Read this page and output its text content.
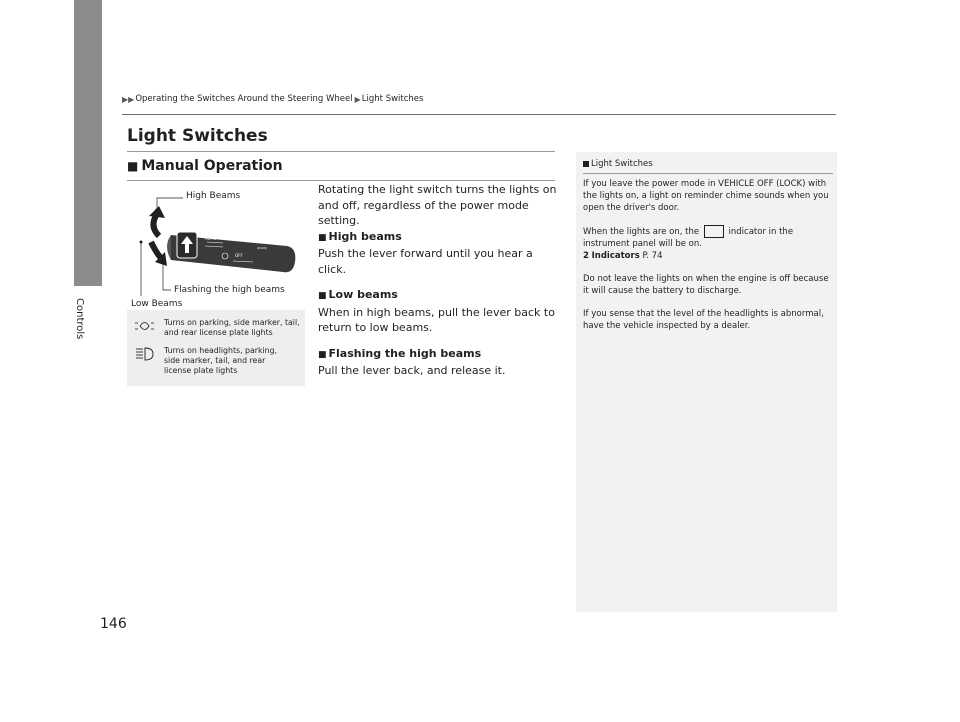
Controls
146
▶▶ Operating the Switches Around the Steering Wheel ▶ Light Switches
Light Switches
■ Manual Operation
AUTO
⇦⇨
OFF
High Beams
Flashing the high beams
Low Beams
Turns on parking, side marker, tail, and rear license plate lights
Turns on headlights, parking, side marker, tail, and rear license plate lights

Rotating the light switch turns the lights on and off, regardless of the power mode setting.

■ High beams

Push the lever forward until you hear a click.

■ Low beams

When in high beams, pull the lever back to return to low beams.

■ Flashing the high beams

Pull the lever back, and release it.

Light Switches

If you leave the power mode in VEHICLE OFF (LOCK) with the lights on, a light on reminder chime sounds when you open the driver's door.

When the lights are on, the	indicator in the instrument panel will be on.

2 Indicators P. 74

Do not leave the lights on when the engine is off because it will cause the battery to discharge.

If you sense that the level of the headlights is abnormal, have the vehicle inspected by a dealer.
